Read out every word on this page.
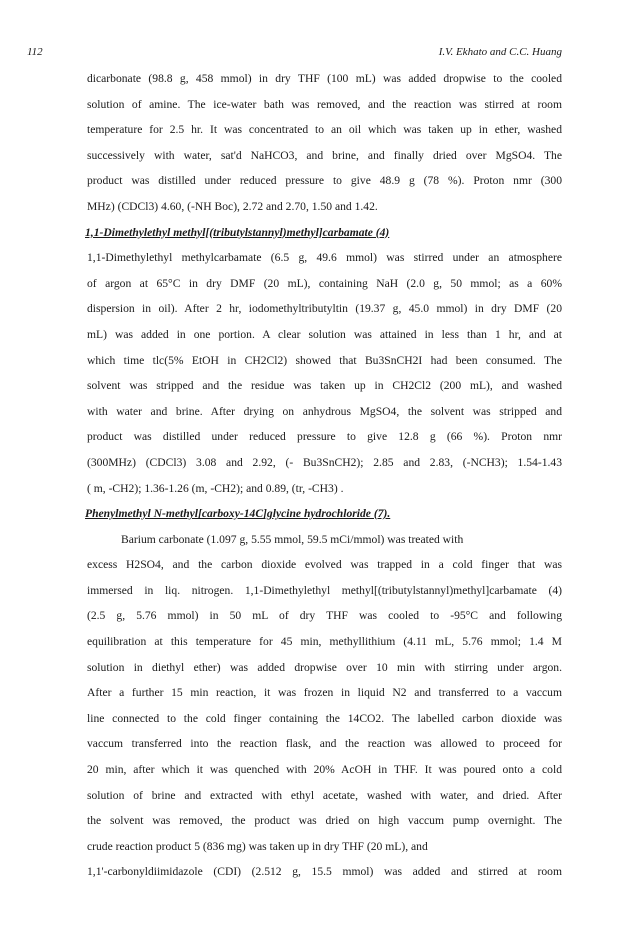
112	I.V. Ekhato and C.C. Huang
dicarbonate (98.8 g, 458 mmol) in dry THF (100 mL) was added dropwise to the cooled
solution of amine. The ice-water bath was removed, and the reaction was stirred at room
temperature for 2.5 hr. It was concentrated to an oil which was taken up in ether, washed
successively with water, sat'd NaHCO3, and brine, and finally dried over MgSO4. The
product was distilled under reduced pressure to give 48.9 g (78 %). Proton nmr (300
MHz) (CDCl3) 4.60, (-NH Boc), 2.72 and 2.70, 1.50 and 1.42.
1,1-Dimethylethyl methyl[(tributylstannyl)methyl]carbamate (4)
1,1-Dimethylethyl methylcarbamate (6.5 g, 49.6 mmol) was stirred under an atmosphere
of argon at 65°C in dry DMF (20 mL), containing NaH (2.0 g, 50 mmol; as a 60%
dispersion in oil). After 2 hr, iodomethyltributyltin (19.37 g, 45.0 mmol) in dry DMF (20
mL) was added in one portion. A clear solution was attained in less than 1 hr, and at
which time tlc(5% EtOH in CH2Cl2) showed that Bu3SnCH2I had been consumed. The
solvent was stripped and the residue was taken up in CH2Cl2 (200 mL), and washed
with water and brine. After drying on anhydrous MgSO4, the solvent was stripped and
product was distilled under reduced pressure to give 12.8 g (66 %). Proton nmr
(300MHz) (CDCl3) 3.08 and 2.92, (- Bu3SnCH2); 2.85 and 2.83, (-NCH3); 1.54-1.43
( m, -CH2); 1.36-1.26 (m, -CH2); and 0.89, (tr, -CH3) .
Phenylmethyl N-methyl[carboxy-14C]glycine hydrochloride (7).
Barium carbonate (1.097 g, 5.55 mmol, 59.5 mCi/mmol) was treated with
excess H2SO4, and the carbon dioxide evolved was trapped in a cold finger that was
immersed in liq. nitrogen. 1,1-Dimethylethyl methyl[(tributylstannyl)methyl]carbamate (4)
(2.5 g, 5.76 mmol) in 50 mL of dry THF was cooled to -95°C and following
equilibration at this temperature for 45 min, methyllithium (4.11 mL, 5.76 mmol; 1.4 M
solution in diethyl ether) was added dropwise over 10 min with stirring under argon.
After a further 15 min reaction, it was frozen in liquid N2 and transferred to a vaccum
line connected to the cold finger containing the 14CO2. The labelled carbon dioxide was
vaccum transferred into the reaction flask, and the reaction was allowed to proceed for
20 min, after which it was quenched with 20% AcOH in THF. It was poured onto a cold
solution of brine and extracted with ethyl acetate, washed with water, and dried. After
the solvent was removed, the product was dried on high vaccum pump overnight. The
crude reaction product 5 (836 mg) was taken up in dry THF (20 mL), and
1,1'-carbonyldiimidazole (CDI) (2.512 g, 15.5 mmol) was added and stirred at room
